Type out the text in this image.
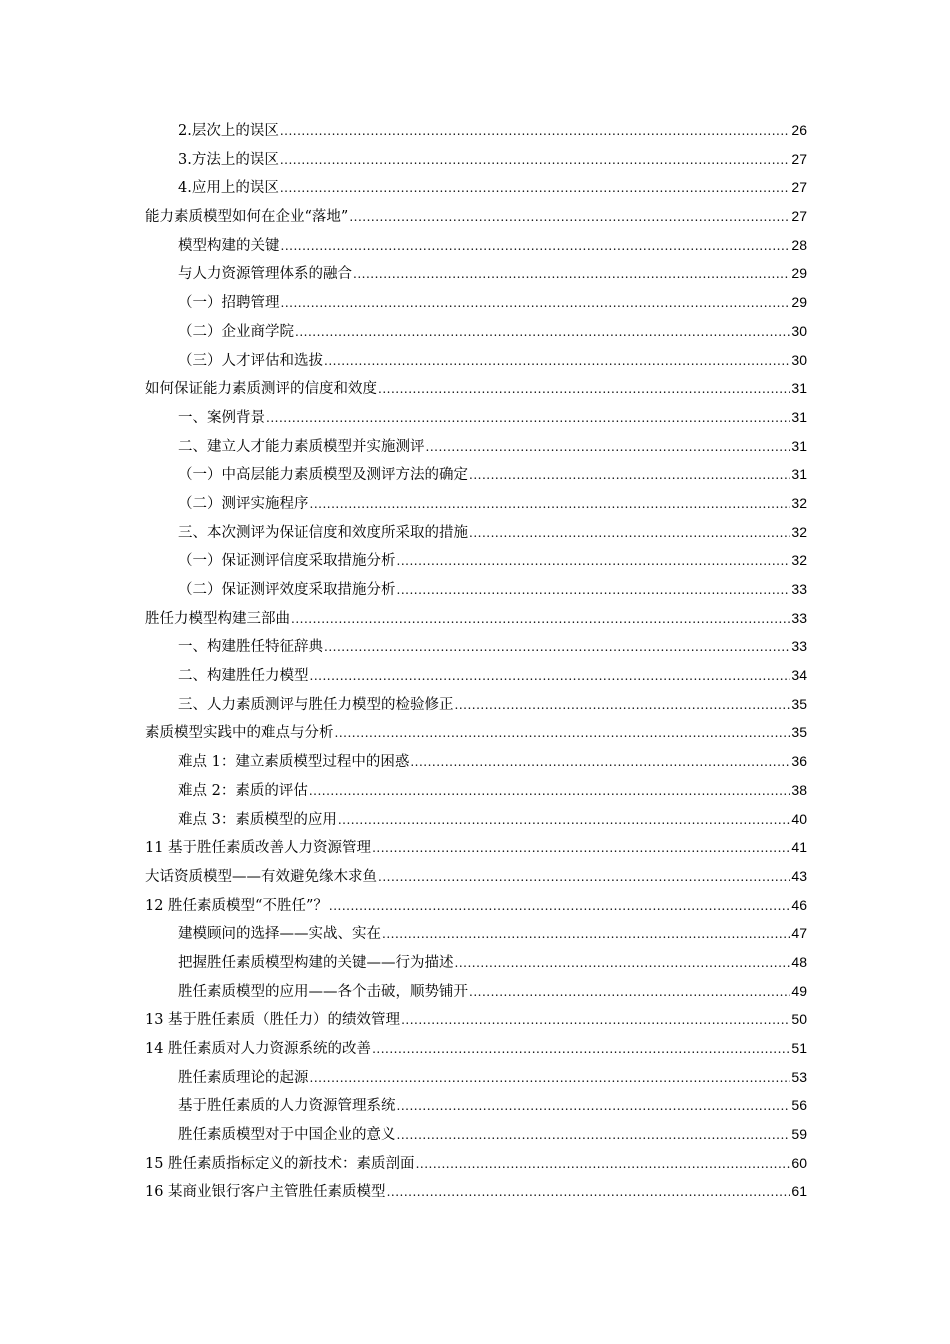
2.层次上的误区 .....	26
3.方法上的误区 .....	27
4.应用上的误区 .....	27
能力素质模型如何在企业“落地” .....	27
模型构建的关键 .....	28
与人力资源管理体系的融合 .....	29
（一）招聘管理 .....	29
（二）企业商学院 .....	30
（三）人才评估和选拔 .....	30
如何保证能力素质测评的信度和效度 .....	31
一、案例背景 .....	31
二、建立人才能力素质模型并实施测评 .....	31
（一）中高层能力素质模型及测评方法的确定 .....	31
（二）测评实施程序 .....	32
三、本次测评为保证信度和效度所采取的措施 .....	32
（一）保证测评信度采取措施分析 .....	32
（二）保证测评效度采取措施分析 .....	33
胜任力模型构建三部曲 .....	33
一、构建胜任特征辞典 .....	33
二、构建胜任力模型 .....	34
三、人力素质测评与胜任力模型的检验修正 .....	35
素质模型实践中的难点与分析 .....	35
难点 1：建立素质模型过程中的困惑 .....	36
难点 2：素质的评估 .....	38
难点 3：素质模型的应用 .....	40
11 基于胜任素质改善人力资源管理 .....	41
大话资质模型——有效避免缘木求鱼 .....	43
12 胜任素质模型“不胜任”？ .....	46
建模顾问的选择——实战、实在 .....	47
把握胜任素质模型构建的关键——行为描述 .....	48
胜任素质模型的应用——各个击破，顺势铺开 .....	49
13 基于胜任素质（胜任力）的绩效管理 .....	50
14 胜任素质对人力资源系统的改善 .....	51
胜任素质理论的起源 .....	53
基于胜任素质的人力资源管理系统 .....	56
胜任素质模型对于中国企业的意义 .....	59
15 胜任素质指标定义的新技术：素质剖面 .....	60
16 某商业银行客户主管胜任素质模型 .....	61
